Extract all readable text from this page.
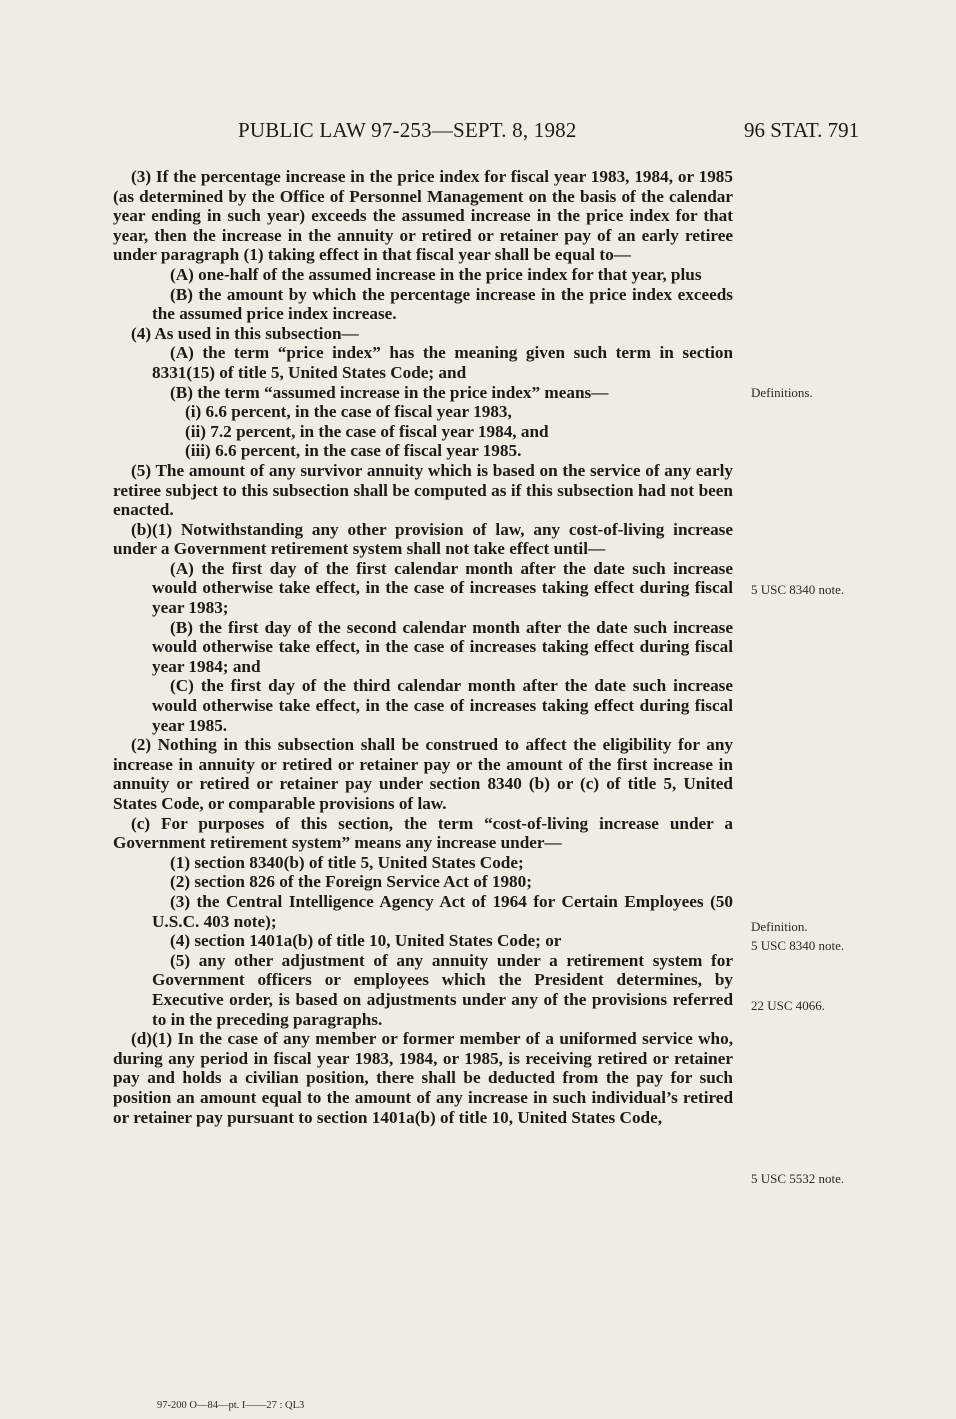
PUBLIC LAW 97-253—SEPT. 8, 1982	96 STAT. 791

(3) If the percentage increase in the price index for fiscal year 1983, 1984, or 1985 (as determined by the Office of Personnel Management on the basis of the calendar year ending in such year) exceeds the assumed increase in the price index for that year, then the increase in the annuity or retired or retainer pay of an early retiree under paragraph (1) taking effect in that fiscal year shall be equal to—

(A) one-half of the assumed increase in the price index for that year, plus

(B) the amount by which the percentage increase in the price index exceeds the assumed price index increase.

(4) As used in this subsection—

(A) the term “price index” has the meaning given such term in section 8331(15) of title 5, United States Code; and

(B) the term “assumed increase in the price index” means—

(i) 6.6 percent, in the case of fiscal year 1983,

(ii) 7.2 percent, in the case of fiscal year 1984, and

(iii) 6.6 percent, in the case of fiscal year 1985.

(5) The amount of any survivor annuity which is based on the service of any early retiree subject to this subsection shall be computed as if this subsection had not been enacted.

(b)(1) Notwithstanding any other provision of law, any cost-of-living increase under a Government retirement system shall not take effect until—

(A) the first day of the first calendar month after the date such increase would otherwise take effect, in the case of increases taking effect during fiscal year 1983;

(B) the first day of the second calendar month after the date such increase would otherwise take effect, in the case of increases taking effect during fiscal year 1984; and

(C) the first day of the third calendar month after the date such increase would otherwise take effect, in the case of increases taking effect during fiscal year 1985.

(2) Nothing in this subsection shall be construed to affect the eligibility for any increase in annuity or retired or retainer pay or the amount of the first increase in annuity or retired or retainer pay under section 8340 (b) or (c) of title 5, United States Code, or comparable provisions of law.

(c) For purposes of this section, the term “cost-of-living increase under a Government retirement system” means any increase under—

(1) section 8340(b) of title 5, United States Code;

(2) section 826 of the Foreign Service Act of 1980;

(3) the Central Intelligence Agency Act of 1964 for Certain Employees (50 U.S.C. 403 note);

(4) section 1401a(b) of title 10, United States Code; or

(5) any other adjustment of any annuity under a retirement system for Government officers or employees which the President determines, by Executive order, is based on adjustments under any of the provisions referred to in the preceding paragraphs.

(d)(1) In the case of any member or former member of a uniformed service who, during any period in fiscal year 1983, 1984, or 1985, is receiving retired or retainer pay and holds a civilian position, there shall be deducted from the pay for such position an amount equal to the amount of any increase in such individual’s retired or retainer pay pursuant to section 1401a(b) of title 10, United States Code,

Definitions.
5 USC 8340 note.
Definition.
5 USC 8340 note.
22 USC 4066.
5 USC 5532 note.
97-200 O—84—pt. I——27 : QL3
